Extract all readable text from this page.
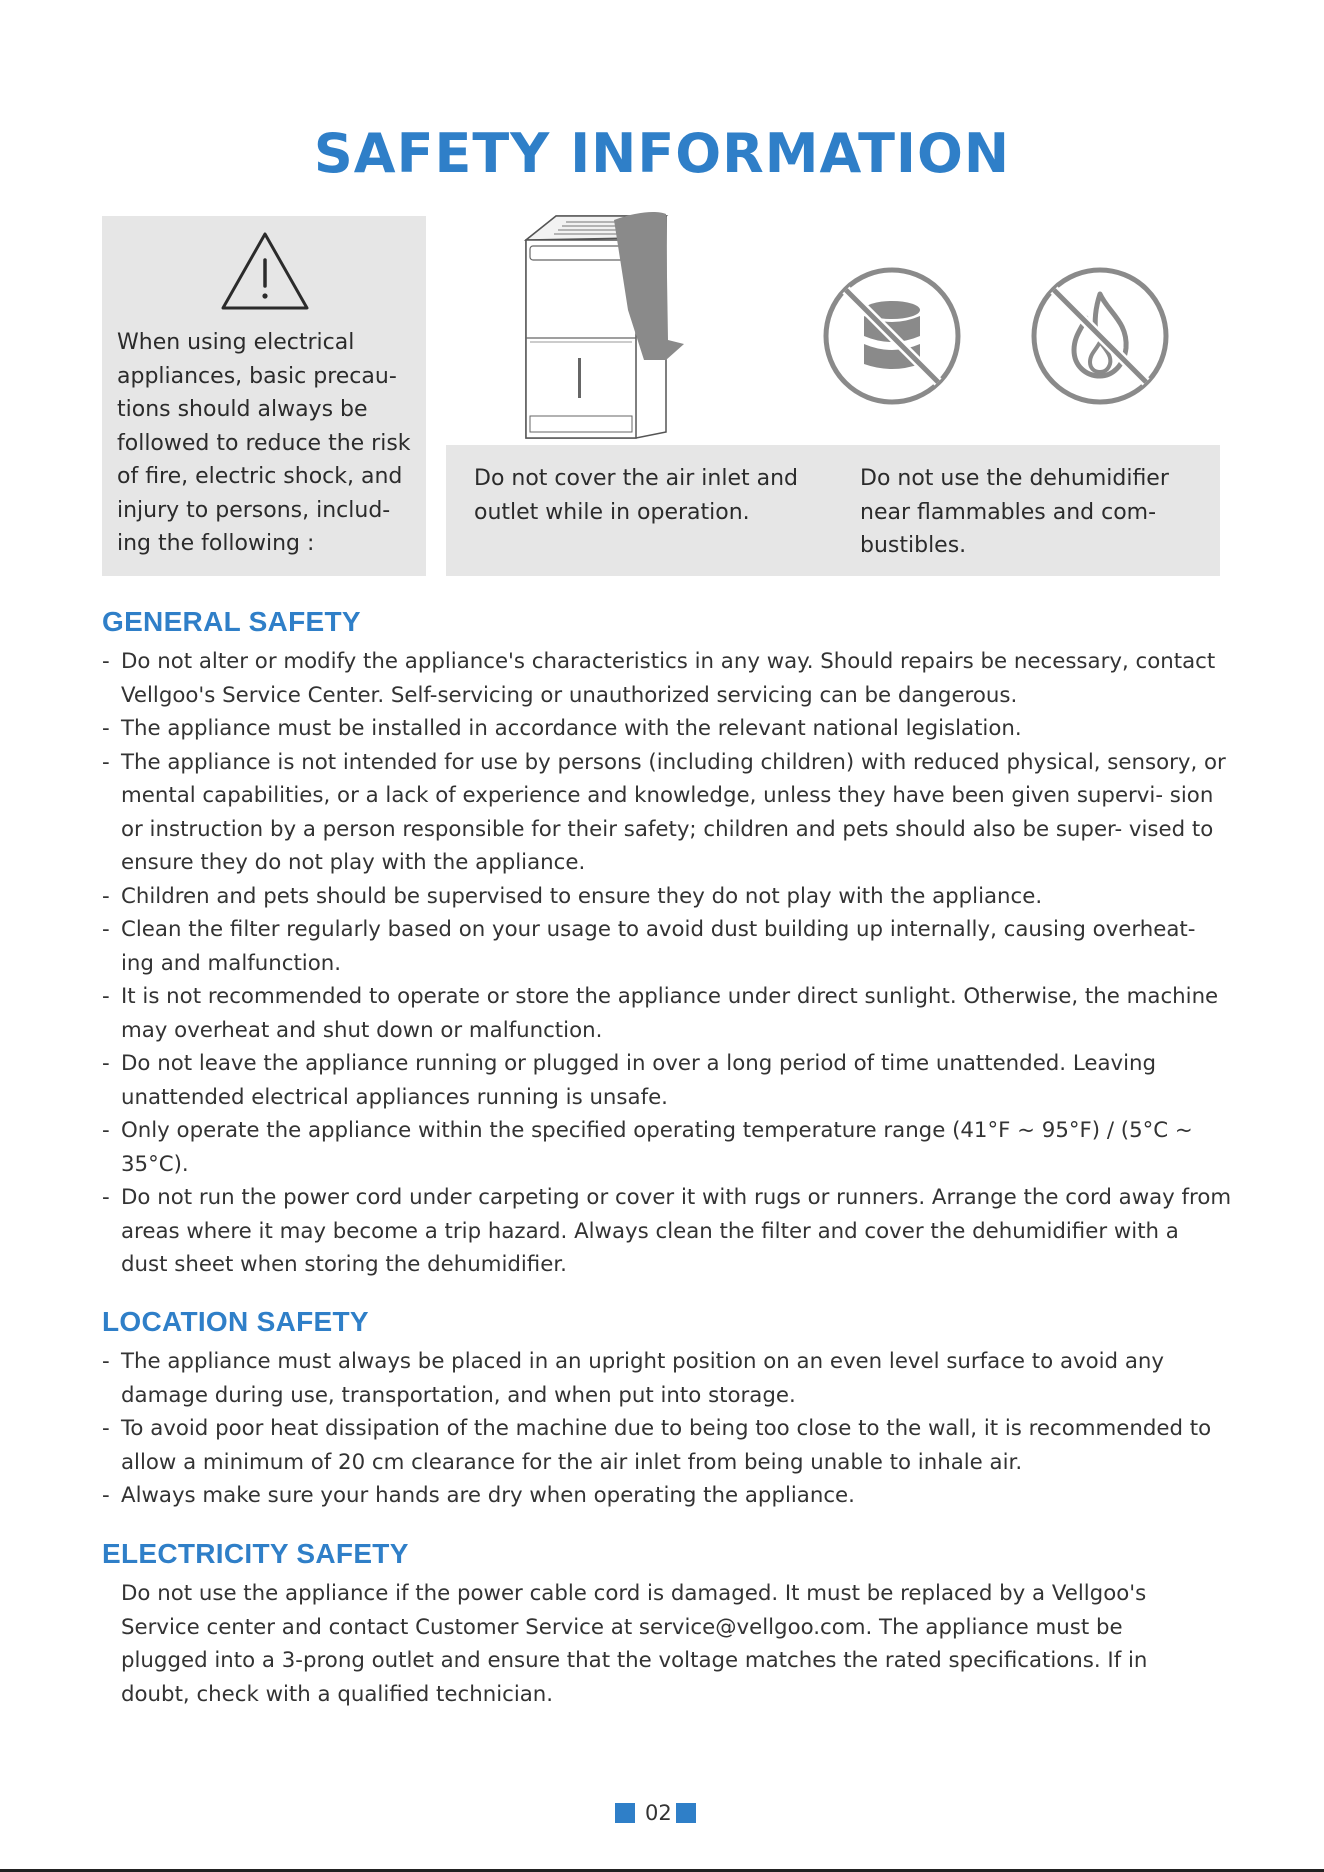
SAFETY INFORMATION
When using electrical appliances, basic precau- tions should always be followed to reduce the risk of fire, electric shock, and injury to persons, includ- ing the following :
Do not cover the air inlet and outlet while in operation.
Do not use the dehumidifier near flammables and com- bustibles.
GENERAL SAFETY
- Do not alter or modify the appliance's characteristics in any way. Should repairs be necessary, contact Vellgoo's Service Center. Self-servicing or unauthorized servicing can be dangerous.
- The appliance must be installed in accordance with the relevant national legislation.
- The appliance is not intended for use by persons (including children) with reduced physical, sensory, or mental capabilities, or a lack of experience and knowledge, unless they have been given supervi- sion or instruction by a person responsible for their safety; children and pets should also be super- vised to ensure they do not play with the appliance.
- Children and pets should be supervised to ensure they do not play with the appliance.
- Clean the filter regularly based on your usage to avoid dust building up internally, causing overheat- ing and malfunction.
- It is not recommended to operate or store the appliance under direct sunlight. Otherwise, the machine may overheat and shut down or malfunction.
- Do not leave the appliance running or plugged in over a long period of time unattended. Leaving unattended electrical appliances running is unsafe.
- Only operate the appliance within the specified operating temperature range (41°F ~ 95°F) / (5°C ~ 35°C).
- Do not run the power cord under carpeting or cover it with rugs or runners. Arrange the cord away from areas where it may become a trip hazard. Always clean the filter and cover the dehumidifier with a dust sheet when storing the dehumidifier.
LOCATION SAFETY
- The appliance must always be placed in an upright position on an even level surface to avoid any damage during use, transportation, and when put into storage.
- To avoid poor heat dissipation of the machine due to being too close to the wall, it is recommended to allow a minimum of 20 cm clearance for the air inlet from being unable to inhale air.
- Always make sure your hands are dry when operating the appliance.
ELECTRICITY SAFETY

Do not use the appliance if the power cable cord is damaged. It must be replaced by a Vellgoo's Service center and contact Customer Service at service@vellgoo.com. The appliance must be plugged into a 3-prong outlet and ensure that the voltage matches the rated specifications. If in doubt, check with a qualified technician.

02
